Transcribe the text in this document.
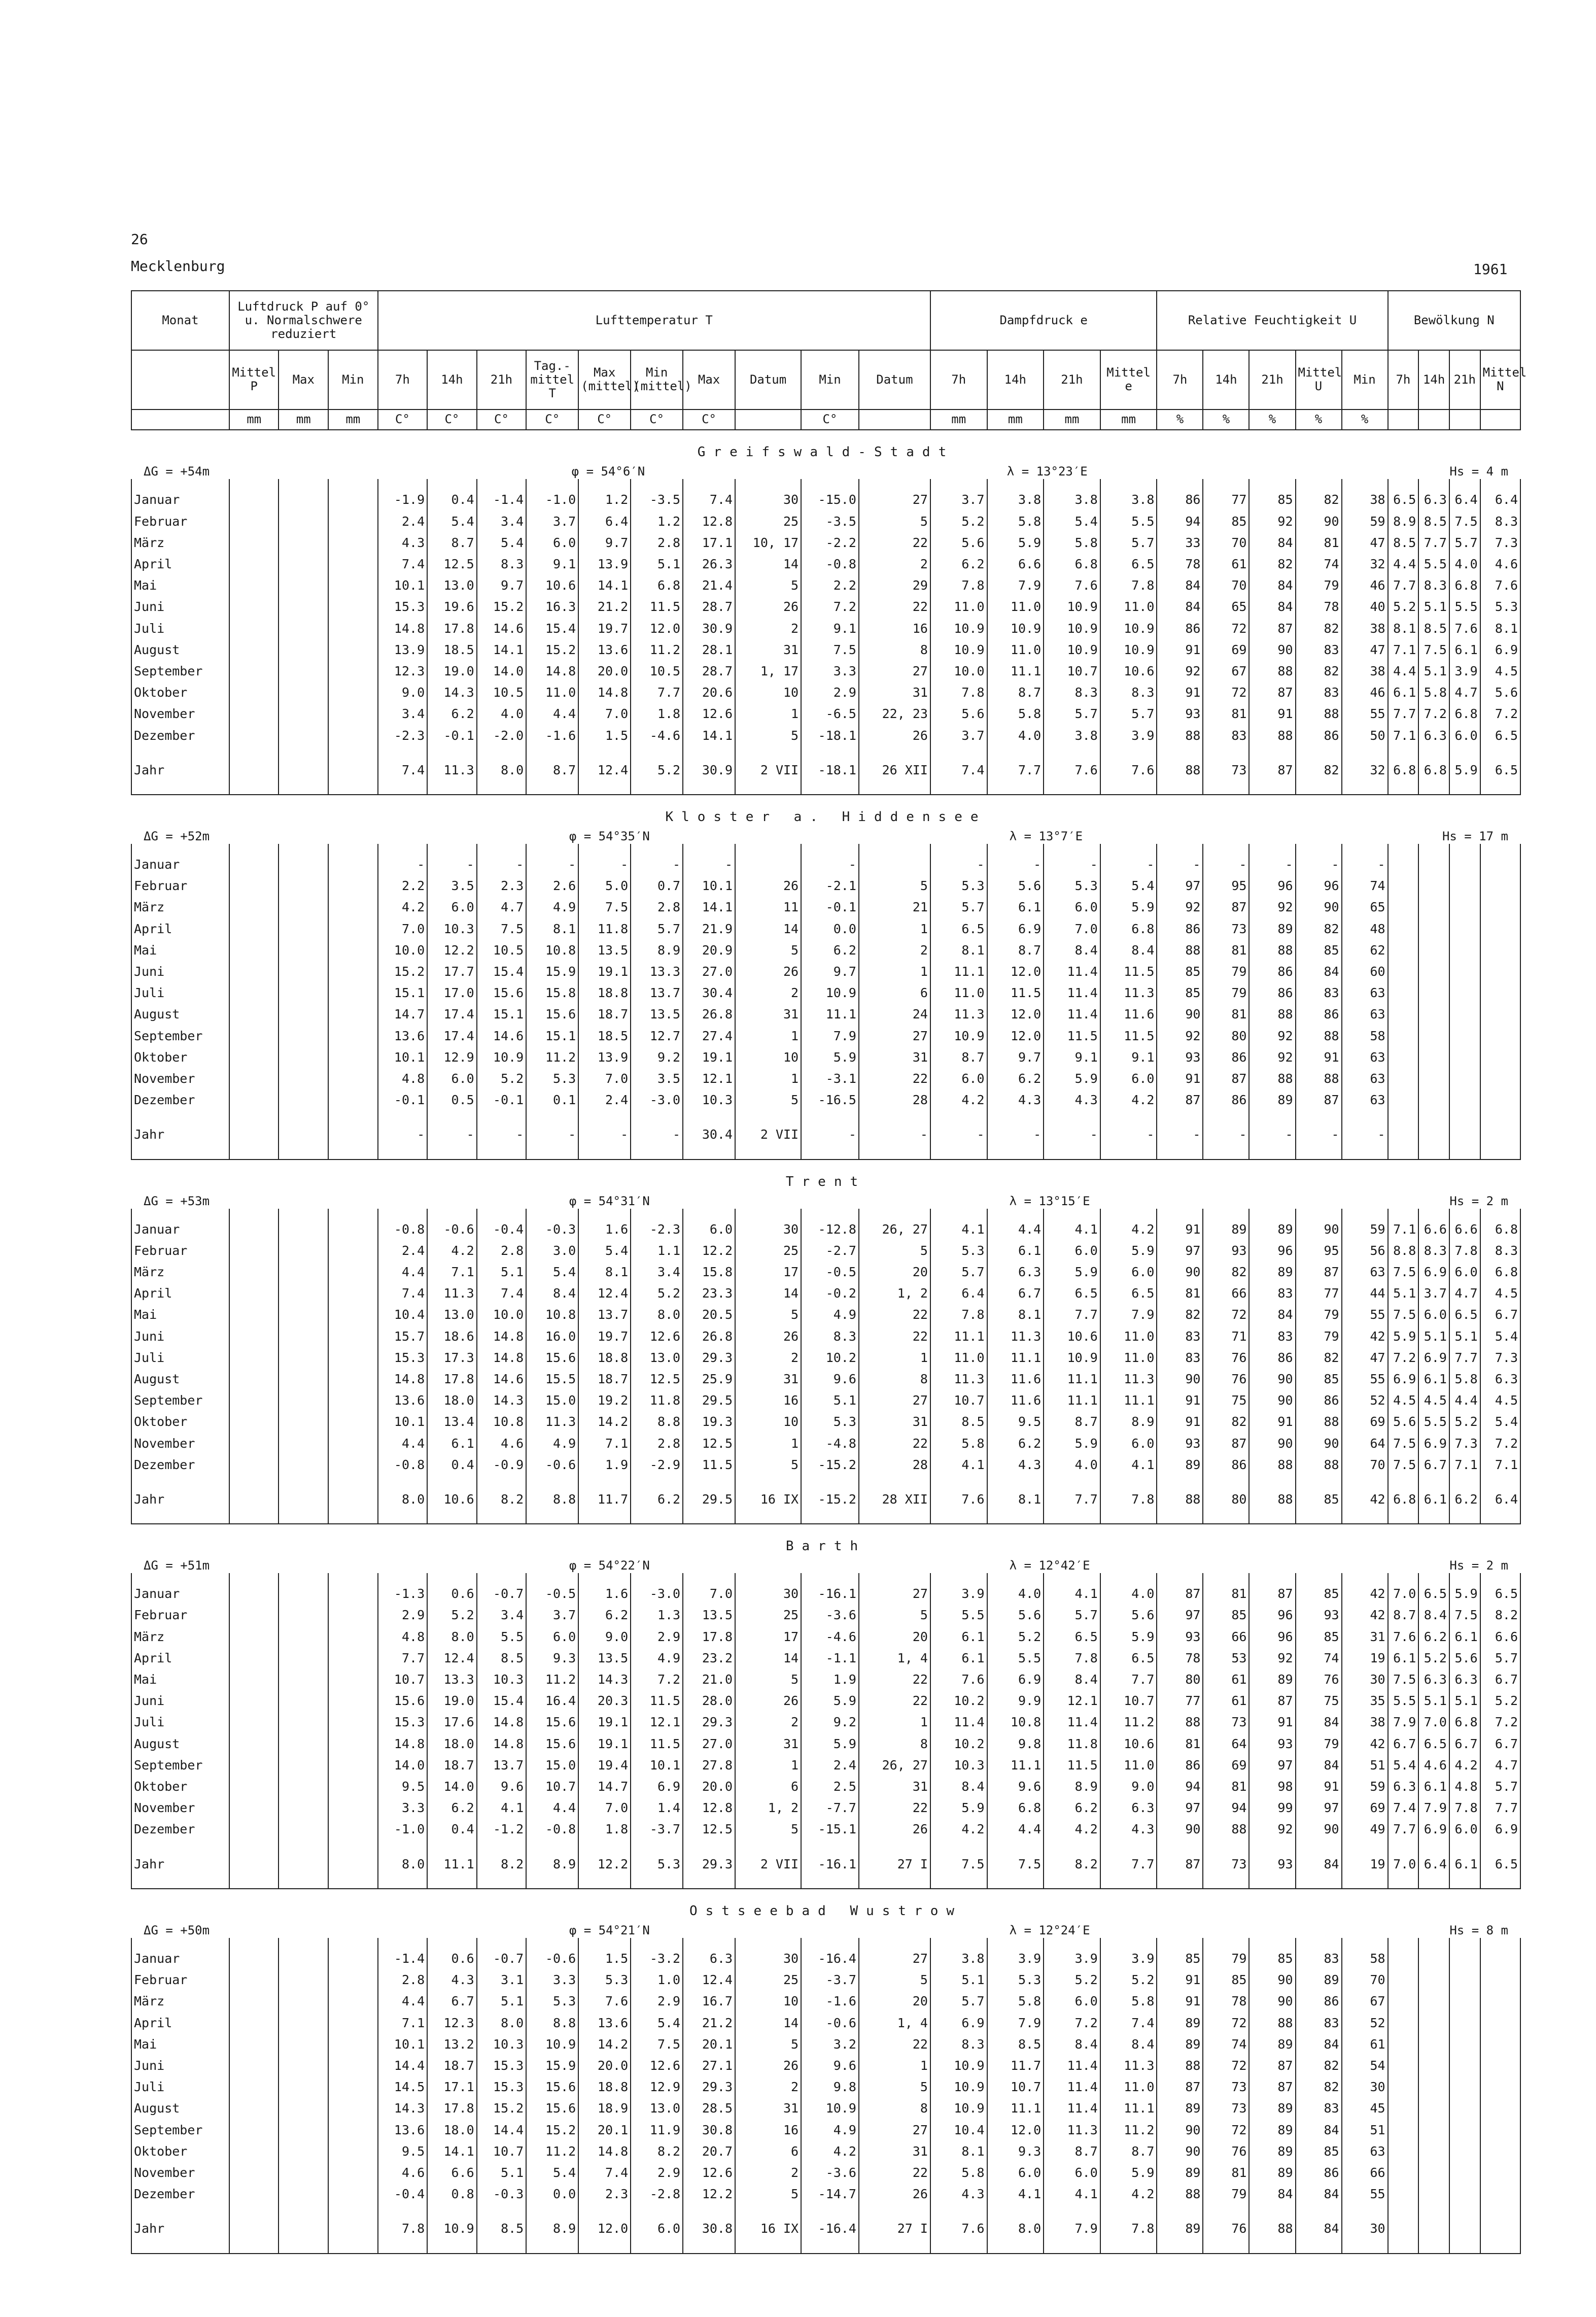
26
Mecklenburg	1961
Monat	Luftdruck P auf 0° u. Normalschwere reduziert			Lufttemperatur T										Dampfdruck e				Relative Feuchtigkeit U					Bewölkung N			
	Mittel P	Max	Min	7h	14h	21h	Tag.-mittel T	Max (mittel)	Min (mittel)	Max	Datum	Min	Datum	7h	14h	21h	Mittel e	7h	14h	21h	Mittel U	Min	7h	14h	21h	Mittel N
	mm	mm	mm	C°	C°	C°	C°	C°	C°	C°		C°		mm	mm	mm	mm	%	%	%	%	%				

Greifswald-Stadt
ΔG = +54m φ = 54°6′N λ = 13°23′E Hs = 4 m																										

Januar				-1.9	0.4	-1.4	-1.0	1.2	-3.5	7.4	30	-15.0	27	3.7	3.8	3.8	3.8	86	77	85	82	38	6.5	6.3	6.4	6.4
Februar				2.4	5.4	3.4	3.7	6.4	1.2	12.8	25	-3.5	5	5.2	5.8	5.4	5.5	94	85	92	90	59	8.9	8.5	7.5	8.3
März				4.3	8.7	5.4	6.0	9.7	2.8	17.1	10, 17	-2.2	22	5.6	5.9	5.8	5.7	33	70	84	81	47	8.5	7.7	5.7	7.3
April				7.4	12.5	8.3	9.1	13.9	5.1	26.3	14	-0.8	2	6.2	6.6	6.8	6.5	78	61	82	74	32	4.4	5.5	4.0	4.6
Mai				10.1	13.0	9.7	10.6	14.1	6.8	21.4	5	2.2	29	7.8	7.9	7.6	7.8	84	70	84	79	46	7.7	8.3	6.8	7.6
Juni				15.3	19.6	15.2	16.3	21.2	11.5	28.7	26	7.2	22	11.0	11.0	10.9	11.0	84	65	84	78	40	5.2	5.1	5.5	5.3
Juli				14.8	17.8	14.6	15.4	19.7	12.0	30.9	2	9.1	16	10.9	10.9	10.9	10.9	86	72	87	82	38	8.1	8.5	7.6	8.1
August				13.9	18.5	14.1	15.2	13.6	11.2	28.1	31	7.5	8	10.9	11.0	10.9	10.9	91	69	90	83	47	7.1	7.5	6.1	6.9
September				12.3	19.0	14.0	14.8	20.0	10.5	28.7	1, 17	3.3	27	10.0	11.1	10.7	10.6	92	67	88	82	38	4.4	5.1	3.9	4.5
Oktober				9.0	14.3	10.5	11.0	14.8	7.7	20.6	10	2.9	31	7.8	8.7	8.3	8.3	91	72	87	83	46	6.1	5.8	4.7	5.6
November				3.4	6.2	4.0	4.4	7.0	1.8	12.6	1	-6.5	22, 23	5.6	5.8	5.7	5.7	93	81	91	88	55	7.7	7.2	6.8	7.2
Dezember				-2.3	-0.1	-2.0	-1.6	1.5	-4.6	14.1	5	-18.1	26	3.7	4.0	3.8	3.9	88	83	88	86	50	7.1	6.3	6.0	6.5

Jahr				7.4	11.3	8.0	8.7	12.4	5.2	30.9	2 VII	-18.1	26 XII	7.4	7.7	7.6	7.6	88	73	87	82	32	6.8	6.8	5.9	6.5

Kloster a. Hiddensee
ΔG = +52m φ = 54°35′N λ = 13°7′E Hs = 17 m																										

Januar				-	-	-	-	-	-	-		-		-	-	-	-	-	-	-	-	-				
Februar				2.2	3.5	2.3	2.6	5.0	0.7	10.1	26	-2.1	5	5.3	5.6	5.3	5.4	97	95	96	96	74				
März				4.2	6.0	4.7	4.9	7.5	2.8	14.1	11	-0.1	21	5.7	6.1	6.0	5.9	92	87	92	90	65				
April				7.0	10.3	7.5	8.1	11.8	5.7	21.9	14	0.0	1	6.5	6.9	7.0	6.8	86	73	89	82	48				
Mai				10.0	12.2	10.5	10.8	13.5	8.9	20.9	5	6.2	2	8.1	8.7	8.4	8.4	88	81	88	85	62				
Juni				15.2	17.7	15.4	15.9	19.1	13.3	27.0	26	9.7	1	11.1	12.0	11.4	11.5	85	79	86	84	60				
Juli				15.1	17.0	15.6	15.8	18.8	13.7	30.4	2	10.9	6	11.0	11.5	11.4	11.3	85	79	86	83	63				
August				14.7	17.4	15.1	15.6	18.7	13.5	26.8	31	11.1	24	11.3	12.0	11.4	11.6	90	81	88	86	63				
September				13.6	17.4	14.6	15.1	18.5	12.7	27.4	1	7.9	27	10.9	12.0	11.5	11.5	92	80	92	88	58				
Oktober				10.1	12.9	10.9	11.2	13.9	9.2	19.1	10	5.9	31	8.7	9.7	9.1	9.1	93	86	92	91	63				
November				4.8	6.0	5.2	5.3	7.0	3.5	12.1	1	-3.1	22	6.0	6.2	5.9	6.0	91	87	88	88	63				
Dezember				-0.1	0.5	-0.1	0.1	2.4	-3.0	10.3	5	-16.5	28	4.2	4.3	4.3	4.2	87	86	89	87	63				

Jahr				-	-	-	-	-	-	30.4	2 VII	-	-	-	-	-	-	-	-	-	-	-				

Trent
ΔG = +53m φ = 54°31′N λ = 13°15′E Hs = 2 m																										

Januar				-0.8	-0.6	-0.4	-0.3	1.6	-2.3	6.0	30	-12.8	26, 27	4.1	4.4	4.1	4.2	91	89	89	90	59	7.1	6.6	6.6	6.8
Februar				2.4	4.2	2.8	3.0	5.4	1.1	12.2	25	-2.7	5	5.3	6.1	6.0	5.9	97	93	96	95	56	8.8	8.3	7.8	8.3
März				4.4	7.1	5.1	5.4	8.1	3.4	15.8	17	-0.5	20	5.7	6.3	5.9	6.0	90	82	89	87	63	7.5	6.9	6.0	6.8
April				7.4	11.3	7.4	8.4	12.4	5.2	23.3	14	-0.2	1, 2	6.4	6.7	6.5	6.5	81	66	83	77	44	5.1	3.7	4.7	4.5
Mai				10.4	13.0	10.0	10.8	13.7	8.0	20.5	5	4.9	22	7.8	8.1	7.7	7.9	82	72	84	79	55	7.5	6.0	6.5	6.7
Juni				15.7	18.6	14.8	16.0	19.7	12.6	26.8	26	8.3	22	11.1	11.3	10.6	11.0	83	71	83	79	42	5.9	5.1	5.1	5.4
Juli				15.3	17.3	14.8	15.6	18.8	13.0	29.3	2	10.2	1	11.0	11.1	10.9	11.0	83	76	86	82	47	7.2	6.9	7.7	7.3
August				14.8	17.8	14.6	15.5	18.7	12.5	25.9	31	9.6	8	11.3	11.6	11.1	11.3	90	76	90	85	55	6.9	6.1	5.8	6.3
September				13.6	18.0	14.3	15.0	19.2	11.8	29.5	16	5.1	27	10.7	11.6	11.1	11.1	91	75	90	86	52	4.5	4.5	4.4	4.5
Oktober				10.1	13.4	10.8	11.3	14.2	8.8	19.3	10	5.3	31	8.5	9.5	8.7	8.9	91	82	91	88	69	5.6	5.5	5.2	5.4
November				4.4	6.1	4.6	4.9	7.1	2.8	12.5	1	-4.8	22	5.8	6.2	5.9	6.0	93	87	90	90	64	7.5	6.9	7.3	7.2
Dezember				-0.8	0.4	-0.9	-0.6	1.9	-2.9	11.5	5	-15.2	28	4.1	4.3	4.0	4.1	89	86	88	88	70	7.5	6.7	7.1	7.1

Jahr				8.0	10.6	8.2	8.8	11.7	6.2	29.5	16 IX	-15.2	28 XII	7.6	8.1	7.7	7.8	88	80	88	85	42	6.8	6.1	6.2	6.4

Barth
ΔG = +51m φ = 54°22′N λ = 12°42′E Hs = 2 m																										

Januar				-1.3	0.6	-0.7	-0.5	1.6	-3.0	7.0	30	-16.1	27	3.9	4.0	4.1	4.0	87	81	87	85	42	7.0	6.5	5.9	6.5
Februar				2.9	5.2	3.4	3.7	6.2	1.3	13.5	25	-3.6	5	5.5	5.6	5.7	5.6	97	85	96	93	42	8.7	8.4	7.5	8.2
März				4.8	8.0	5.5	6.0	9.0	2.9	17.8	17	-4.6	20	6.1	5.2	6.5	5.9	93	66	96	85	31	7.6	6.2	6.1	6.6
April				7.7	12.4	8.5	9.3	13.5	4.9	23.2	14	-1.1	1, 4	6.1	5.5	7.8	6.5	78	53	92	74	19	6.1	5.2	5.6	5.7
Mai				10.7	13.3	10.3	11.2	14.3	7.2	21.0	5	1.9	22	7.6	6.9	8.4	7.7	80	61	89	76	30	7.5	6.3	6.3	6.7
Juni				15.6	19.0	15.4	16.4	20.3	11.5	28.0	26	5.9	22	10.2	9.9	12.1	10.7	77	61	87	75	35	5.5	5.1	5.1	5.2
Juli				15.3	17.6	14.8	15.6	19.1	12.1	29.3	2	9.2	1	11.4	10.8	11.4	11.2	88	73	91	84	38	7.9	7.0	6.8	7.2
August				14.8	18.0	14.8	15.6	19.1	11.5	27.0	31	5.9	8	10.2	9.8	11.8	10.6	81	64	93	79	42	6.7	6.5	6.7	6.7
September				14.0	18.7	13.7	15.0	19.4	10.1	27.8	1	2.4	26, 27	10.3	11.1	11.5	11.0	86	69	97	84	51	5.4	4.6	4.2	4.7
Oktober				9.5	14.0	9.6	10.7	14.7	6.9	20.0	6	2.5	31	8.4	9.6	8.9	9.0	94	81	98	91	59	6.3	6.1	4.8	5.7
November				3.3	6.2	4.1	4.4	7.0	1.4	12.8	1, 2	-7.7	22	5.9	6.8	6.2	6.3	97	94	99	97	69	7.4	7.9	7.8	7.7
Dezember				-1.0	0.4	-1.2	-0.8	1.8	-3.7	12.5	5	-15.1	26	4.2	4.4	4.2	4.3	90	88	92	90	49	7.7	6.9	6.0	6.9

Jahr				8.0	11.1	8.2	8.9	12.2	5.3	29.3	2 VII	-16.1	27 I	7.5	7.5	8.2	7.7	87	73	93	84	19	7.0	6.4	6.1	6.5

Ostseebad Wustrow
ΔG = +50m φ = 54°21′N λ = 12°24′E Hs = 8 m																										

Januar				-1.4	0.6	-0.7	-0.6	1.5	-3.2	6.3	30	-16.4	27	3.8	3.9	3.9	3.9	85	79	85	83	58				
Februar				2.8	4.3	3.1	3.3	5.3	1.0	12.4	25	-3.7	5	5.1	5.3	5.2	5.2	91	85	90	89	70				
März				4.4	6.7	5.1	5.3	7.6	2.9	16.7	10	-1.6	20	5.7	5.8	6.0	5.8	91	78	90	86	67				
April				7.1	12.3	8.0	8.8	13.6	5.4	21.2	14	-0.6	1, 4	6.9	7.9	7.2	7.4	89	72	88	83	52				
Mai				10.1	13.2	10.3	10.9	14.2	7.5	20.1	5	3.2	22	8.3	8.5	8.4	8.4	89	74	89	84	61				
Juni				14.4	18.7	15.3	15.9	20.0	12.6	27.1	26	9.6	1	10.9	11.7	11.4	11.3	88	72	87	82	54				
Juli				14.5	17.1	15.3	15.6	18.8	12.9	29.3	2	9.8	5	10.9	10.7	11.4	11.0	87	73	87	82	30				
August				14.3	17.8	15.2	15.6	18.9	13.0	28.5	31	10.9	8	10.9	11.1	11.4	11.1	89	73	89	83	45				
September				13.6	18.0	14.4	15.2	20.1	11.9	30.8	16	4.9	27	10.4	12.0	11.3	11.2	90	72	89	84	51				
Oktober				9.5	14.1	10.7	11.2	14.8	8.2	20.7	6	4.2	31	8.1	9.3	8.7	8.7	90	76	89	85	63				
November				4.6	6.6	5.1	5.4	7.4	2.9	12.6	2	-3.6	22	5.8	6.0	6.0	5.9	89	81	89	86	66				
Dezember				-0.4	0.8	-0.3	0.0	2.3	-2.8	12.2	5	-14.7	26	4.3	4.1	4.1	4.2	88	79	84	84	55				

Jahr				7.8	10.9	8.5	8.9	12.0	6.0	30.8	16 IX	-16.4	27 I	7.6	8.0	7.9	7.8	89	76	88	84	30				
